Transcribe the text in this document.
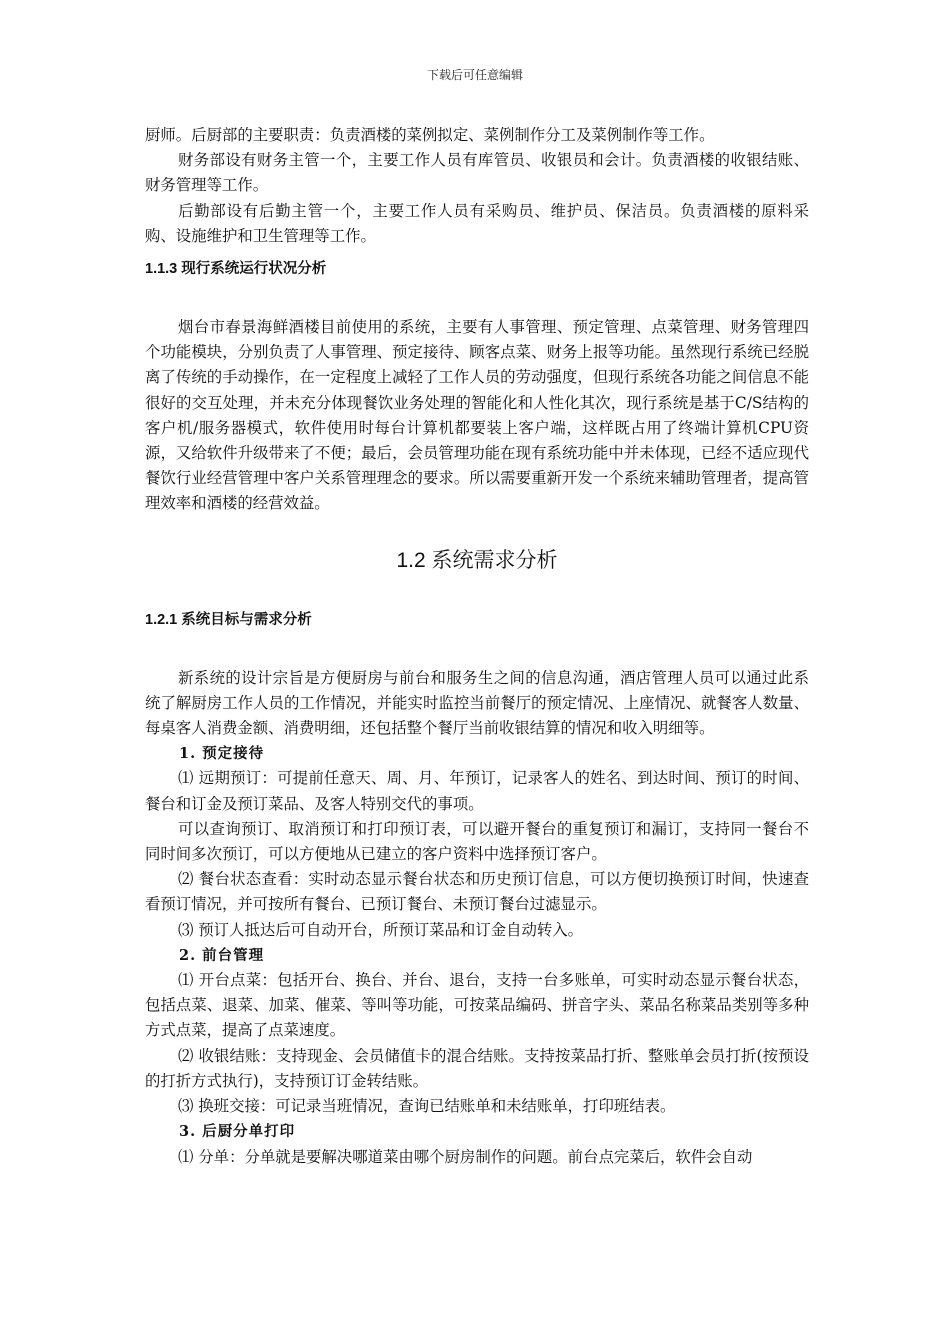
下载后可任意编辑

厨师。后厨部的主要职责：负责酒楼的菜例拟定、菜例制作分工及菜例制作等工作。

财务部设有财务主管一个，主要工作人员有库管员、收银员和会计。负责酒楼的收银结账、财务管理等工作。

后勤部设有后勤主管一个，主要工作人员有采购员、维护员、保洁员。负责酒楼的原料采购、设施维护和卫生管理等工作。

1.1.3 现行系统运行状况分析

烟台市春景海鲜酒楼目前使用的系统，主要有人事管理、预定管理、点菜管理、财务管理四个功能模块，分别负责了人事管理、预定接待、顾客点菜、财务上报等功能。虽然现行系统已经脱离了传统的手动操作，在一定程度上减轻了工作人员的劳动强度，但现行系统各功能之间信息不能很好的交互处理，并未充分体现餐饮业务处理的智能化和人性化其次，现行系统是基于C/S结构的客户机/服务器模式，软件使用时每台计算机都要装上客户端，这样既占用了终端计算机CPU资源，又给软件升级带来了不便；最后，会员管理功能在现有系统功能中并未体现，已经不适应现代餐饮行业经营管理中客户关系管理理念的要求。所以需要重新开发一个系统来辅助管理者，提高管理效率和酒楼的经营效益。

1.2 系统需求分析
1.2.1 系统目标与需求分析

新系统的设计宗旨是方便厨房与前台和服务生之间的信息沟通，酒店管理人员可以通过此系统了解厨房工作人员的工作情况，并能实时监控当前餐厅的预定情况、上座情况、就餐客人数量、每桌客人消费金额、消费明细，还包括整个餐厅当前收银结算的情况和收入明细等。

1. 预定接待

⑴ 远期预订：可提前任意天、周、月、年预订，记录客人的姓名、到达时间、预订的时间、餐台和订金及预订菜品、及客人特别交代的事项。

可以查询预订、取消预订和打印预订表，可以避开餐台的重复预订和漏订，支持同一餐台不同时间多次预订，可以方便地从已建立的客户资料中选择预订客户。

⑵ 餐台状态查看：实时动态显示餐台状态和历史预订信息，可以方便切换预订时间，快速查看预订情况，并可按所有餐台、已预订餐台、未预订餐台过滤显示。

⑶ 预订人抵达后可自动开台，所预订菜品和订金自动转入。

2. 前台管理

⑴ 开台点菜：包括开台、换台、并台、退台，支持一台多账单，可实时动态显示餐台状态，包括点菜、退菜、加菜、催菜、等叫等功能，可按菜品编码、拼音字头、菜品名称菜品类别等多种方式点菜，提高了点菜速度。

⑵ 收银结账：支持现金、会员储值卡的混合结账。支持按菜品打折、整账单会员打折(按预设的打折方式执行)，支持预订订金转结账。

⑶ 换班交接：可记录当班情况，查询已结账单和未结账单，打印班结表。

3. 后厨分单打印

⑴ 分单：分单就是要解决哪道菜由哪个厨房制作的问题。前台点完菜后，软件会自动
